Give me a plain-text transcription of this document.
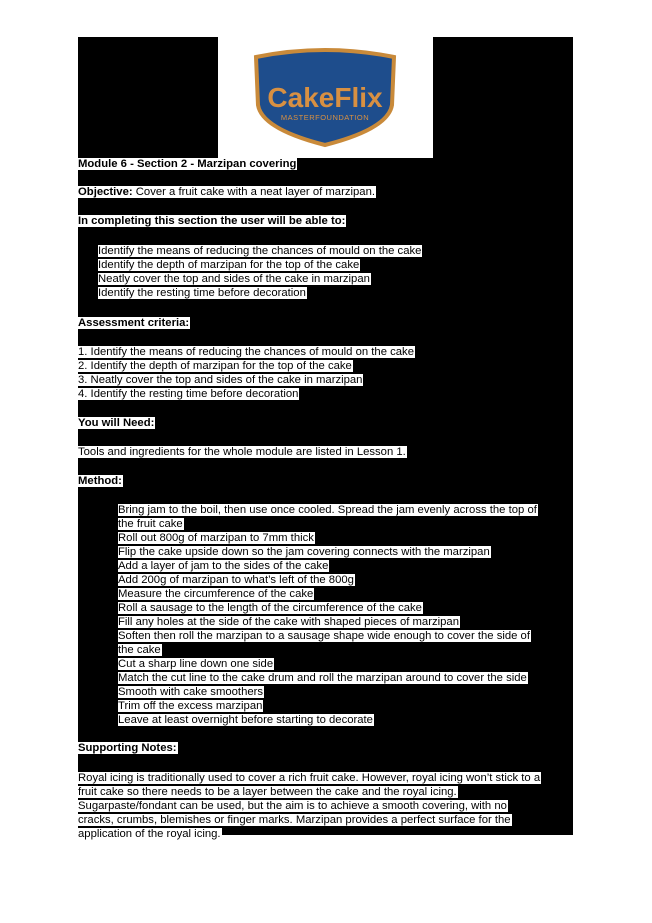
CakeFlix
MASTERFOUNDATION
Module 6 - Section 2 - Marzipan covering
Objective: Cover a fruit cake with a neat layer of marzipan.
In completing this section the user will be able to:
Identify the means of reducing the chances of mould on the cake
Identify the depth of marzipan for the top of the cake
Neatly cover the top and sides of the cake in marzipan
Identify the resting time before decoration
Assessment criteria:
1. Identify the means of reducing the chances of mould on the cake
2. Identify the depth of marzipan for the top of the cake
3. Neatly cover the top and sides of the cake in marzipan
4. Identify the resting time before decoration
You will Need:
Tools and ingredients for the whole module are listed in Lesson 1.
Method:
Bring jam to the boil, then use once cooled. Spread the jam evenly across the top of
the fruit cake
Roll out 800g of marzipan to 7mm thick
Flip the cake upside down so the jam covering connects with the marzipan
Add a layer of jam to the sides of the cake
Add 200g of marzipan to what’s left of the 800g
Measure the circumference of the cake
Roll a sausage to the length of the circumference of the cake
Fill any holes at the side of the cake with shaped pieces of marzipan
Soften then roll the marzipan to a sausage shape wide enough to cover the side of
the cake
Cut a sharp line down one side
Match the cut line to the cake drum and roll the marzipan around to cover the side
Smooth with cake smoothers
Trim off the excess marzipan
Leave at least overnight before starting to decorate
Supporting Notes:
Royal icing is traditionally used to cover a rich fruit cake. However, royal icing won’t stick to a
fruit cake so there needs to be a layer between the cake and the royal icing.
Sugarpaste/fondant can be used, but the aim is to achieve a smooth covering, with no
cracks, crumbs, blemishes or finger marks. Marzipan provides a perfect surface for the
application of the royal icing.
